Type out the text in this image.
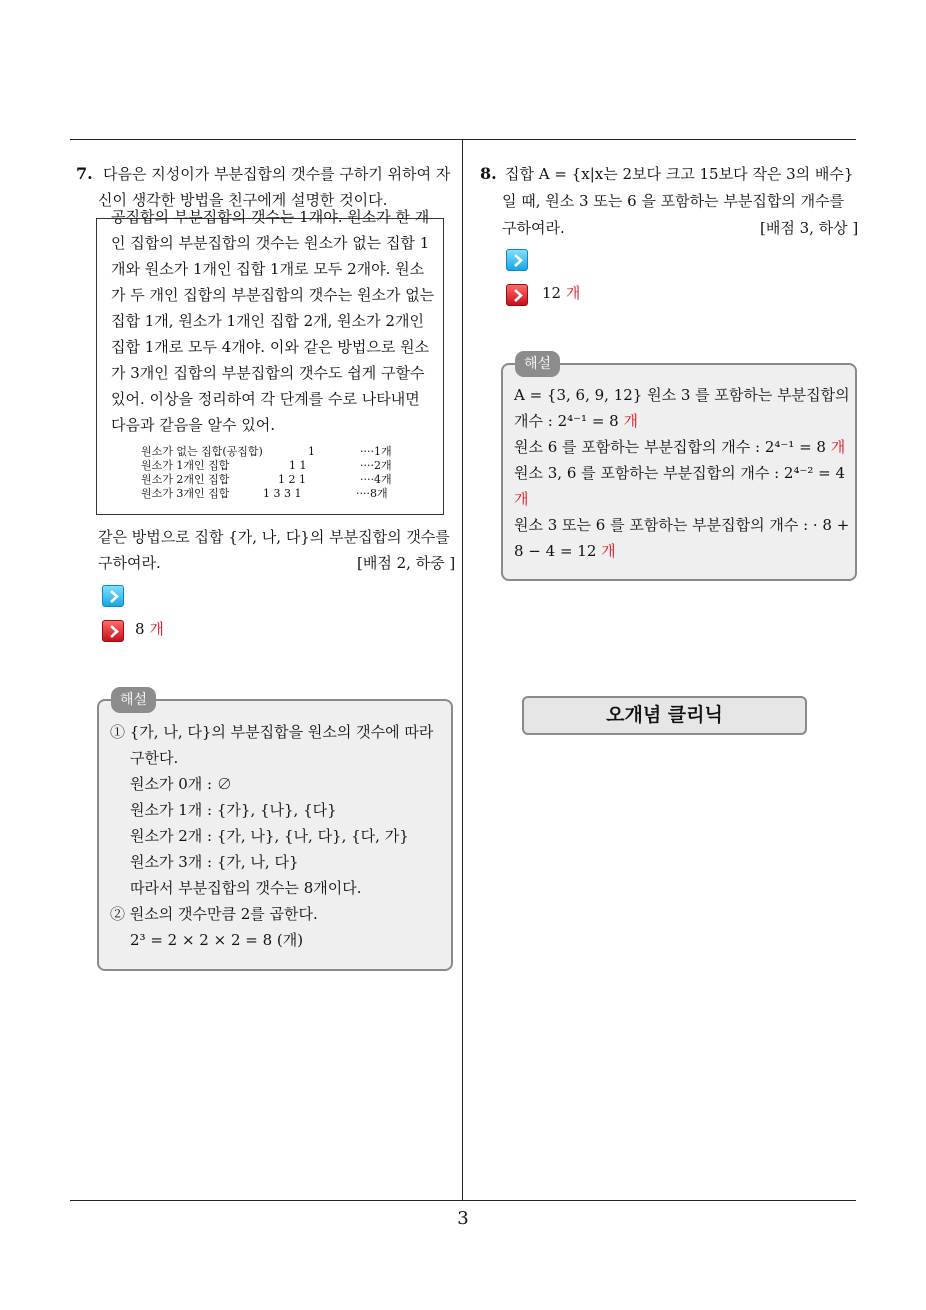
7. 다음은 지성이가 부분집합의 갯수를 구하기 위하여 자
신이 생각한 방법을 친구에게 설명한 것이다.
공집합의 부분집합의 갯수는 1개야. 원소가 한 개
인 집합의 부분집합의 갯수는 원소가 없는 집합 1
개와 원소가 1개인 집합 1개로 모두 2개야. 원소
가 두 개인 집합의 부분집합의 갯수는 원소가 없는
집합 1개, 원소가 1개인 집합 2개, 원소가 2개인
집합 1개로 모두 4개야. 이와 같은 방법으로 원소
가 3개인 집합의 부분집합의 갯수도 쉽게 구할수
있어. 이상을 정리하여 각 단계를 수로 나타내면
다음과 같음을 알수 있어.
원소가 없는 집합(공집합)	1	····1개
원소가 1개인 집합	1 1	····2개
원소가 2개인 집합	1 2 1	····4개
원소가 3개인 집합	1 3 3 1	····8개
같은 방법으로 집합 {가, 나, 다}의 부분집합의 갯수를
구하여라.	[배점 2, 하중 ]
8 개
해설
① {가, 나, 다}의 부분집합을 원소의 갯수에 따라
구한다.
원소가 0개 : ∅
원소가 1개 : {가}, {나}, {다}
원소가 2개 : {가, 나}, {나, 다}, {다, 가}
원소가 3개 : {가, 나, 다}
따라서 부분집합의 갯수는 8개이다.
② 원소의 갯수만큼 2를 곱한다.
2³ = 2 × 2 × 2 = 8 (개)
8. 집합 A = {x|x는 2보다 크고 15보다 작은 3의 배수}
일 때, 원소 3 또는 6 을 포함하는 부분집합의 개수를
구하여라.	[배점 3, 하상 ]
12 개
해설
A = {3, 6, 9, 12} 원소 3 를 포함하는 부분집합의
개수 : 2⁴⁻¹ = 8 개
원소 6 를 포함하는 부분집합의 개수 : 2⁴⁻¹ = 8 개
원소 3, 6 를 포함하는 부분집합의 개수 : 2⁴⁻² = 4
개
원소 3 또는 6 를 포함하는 부분집합의 개수 : · 8 +
8 − 4 = 12 개
오개념 클리닉
3
